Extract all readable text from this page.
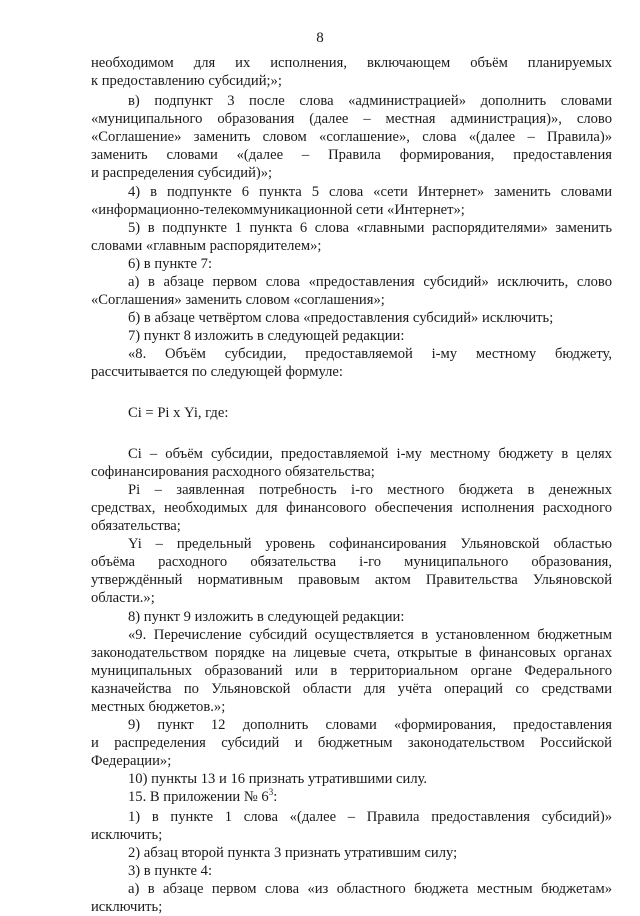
8
необходимом для их исполнения, включающем объём планируемых
к предоставлению субсидий;»;
в) подпункт 3 после слова «администрацией» дополнить словами
«муниципального образования (далее – местная администрация)», слово
«Соглашение» заменить словом «соглашение», слова «(далее – Правила)»
заменить словами «(далее – Правила формирования, предоставления
и распределения субсидий)»;
4) в подпункте 6 пункта 5 слова «сети Интернет» заменить словами
«информационно-телекоммуникационной сети «Интернет»;
5) в подпункте 1 пункта 6 слова «главными распорядителями» заменить
словами «главным распорядителем»;
6) в пункте 7:
а) в абзаце первом слова «предоставления субсидий» исключить, слово
«Соглашения» заменить словом «соглашения»;
б) в абзаце четвёртом слова «предоставления субсидий» исключить;
7) пункт 8 изложить в следующей редакции:
«8. Объём субсидии, предоставляемой i-му местному бюджету,
рассчитывается по следующей формуле:
Ci = Pi х Yi, где:
Ci – объём субсидии, предоставляемой i-му местному бюджету в целях
софинансирования расходного обязательства;
Pi – заявленная потребность i-го местного бюджета в денежных
средствах, необходимых для финансового обеспечения исполнения расходного
обязательства;
Yi – предельный уровень софинансирования Ульяновской областью
объёма расходного обязательства i-го муниципального образования,
утверждённый нормативным правовым актом Правительства Ульяновской
области.»;
8) пункт 9 изложить в следующей редакции:
«9. Перечисление субсидий осуществляется в установленном бюджетным
законодательством порядке на лицевые счета, открытые в финансовых органах
муниципальных образований или в территориальном органе Федерального
казначейства по Ульяновской области для учёта операций со средствами
местных бюджетов.»;
9) пункт 12 дополнить словами «формирования, предоставления
и распределения субсидий и бюджетным законодательством Российской
Федерации»;
10) пункты 13 и 16 признать утратившими силу.
15. В приложении № $6^3$:
1) в пункте 1 слова «(далее – Правила предоставления субсидий)»
исключить;
2) абзац второй пункта 3 признать утратившим силу;
3) в пункте 4:
а) в абзаце первом слова «из областного бюджета местным бюджетам»
исключить;
